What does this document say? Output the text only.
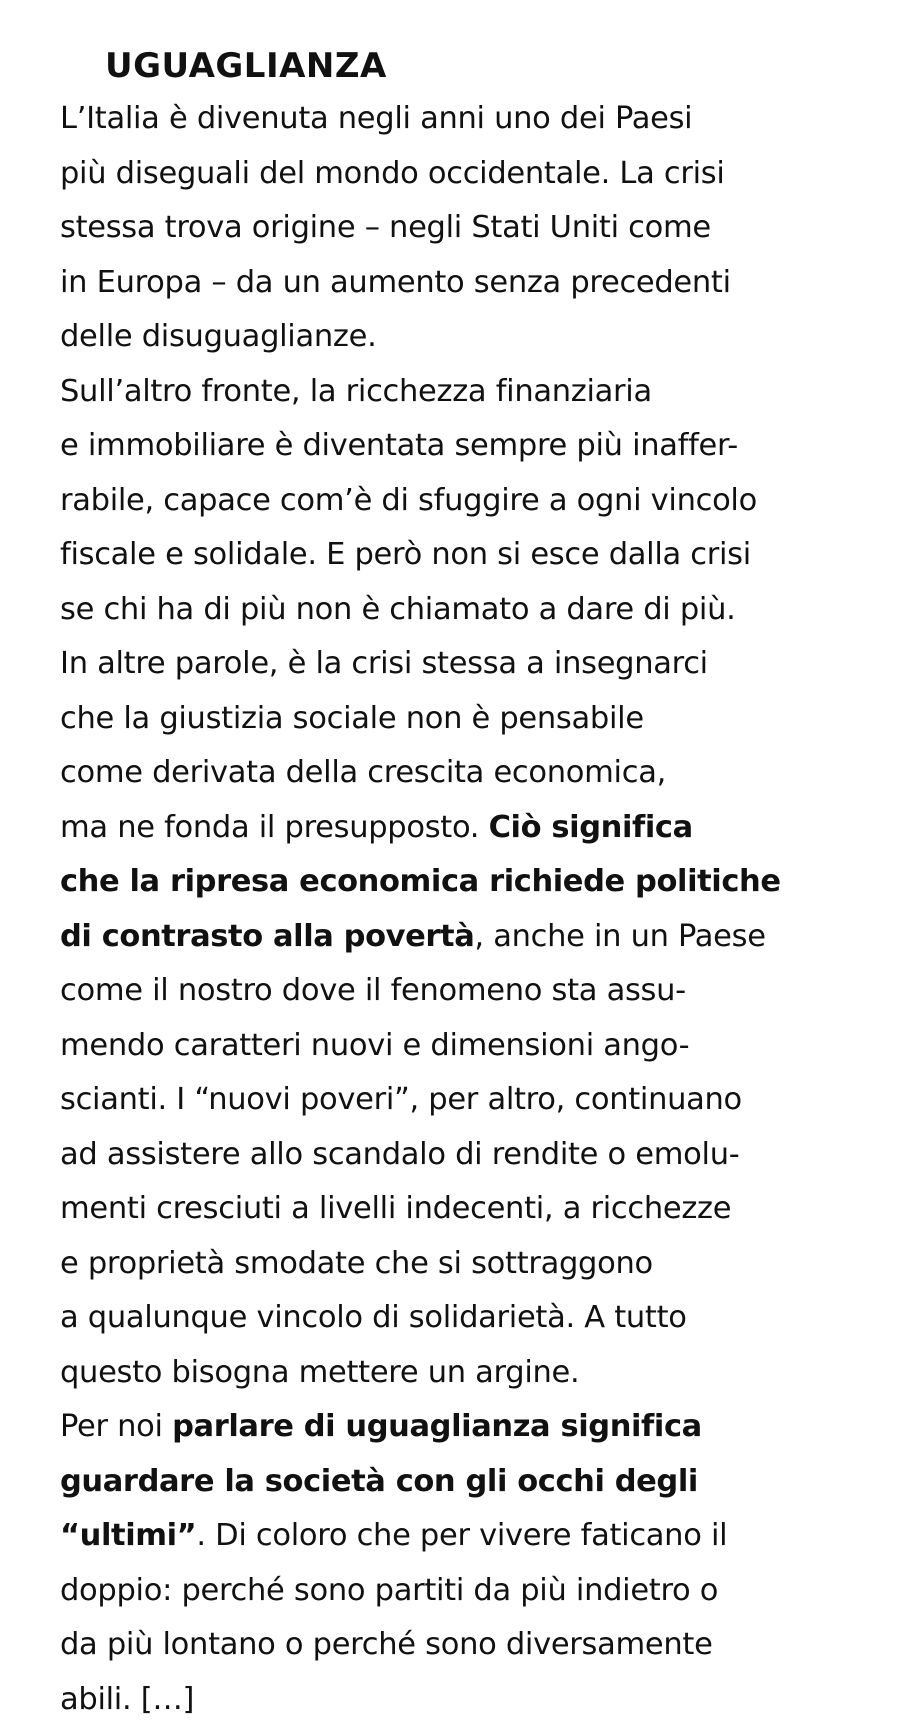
UGUAGLIANZA
L’Italia è divenuta negli anni uno dei Paesi
più diseguali del mondo occidentale. La crisi
stessa trova origine – negli Stati Uniti come
in Europa – da un aumento senza precedenti
delle disuguaglianze.
Sull’altro fronte, la ricchezza finanziaria
e immobiliare è diventata sempre più inaffer-
rabile, capace com’è di sfuggire a ogni vincolo
fiscale e solidale. E però non si esce dalla crisi
se chi ha di più non è chiamato a dare di più.
In altre parole, è la crisi stessa a insegnarci
che la giustizia sociale non è pensabile
come derivata della crescita economica,
ma ne fonda il presupposto. Ciò significa
che la ripresa economica richiede politiche
di contrasto alla povertà, anche in un Paese
come il nostro dove il fenomeno sta assu-
mendo caratteri nuovi e dimensioni ango-
scianti. I “nuovi poveri”, per altro, continuano
ad assistere allo scandalo di rendite o emolu-
menti cresciuti a livelli indecenti, a ricchezze
e proprietà smodate che si sottraggono
a qualunque vincolo di solidarietà. A tutto
questo bisogna mettere un argine.
Per noi parlare di uguaglianza significa
guardare la società con gli occhi degli
“ultimi”. Di coloro che per vivere faticano il
doppio: perché sono partiti da più indietro o
da più lontano o perché sono diversamente
abili. […]
